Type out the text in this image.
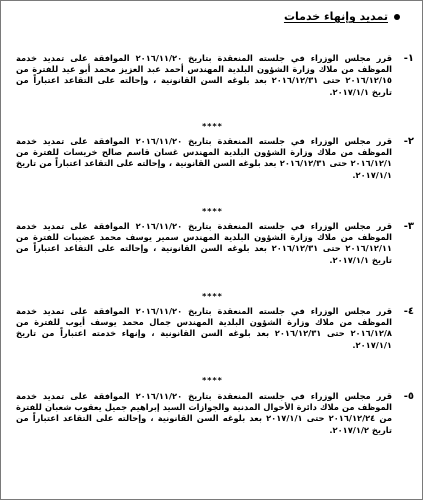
تمديد وإنهاء خدمات
١-
قرر مجلس الوزراء في جلسته المنعقدة بتاريخ ٢٠١٦/١١/٢٠ الموافقة على تمديد خدمة الموظف من ملاك وزارة الشؤون البلدية المهندس أحمد عبد العزيز محمد أبو عيد للفترة من ٢٠١٦/١٢/١٥ حتى ٢٠١٦/١٢/٣١ بعد بلوغه السن القانونية ، وإحالته على التقاعد اعتباراً من تاريخ ٢٠١٧/١/١.
****
٢-
قرر مجلس الوزراء في جلسته المنعقدة بتاريخ ٢٠١٦/١١/٢٠ الموافقة على تمديد خدمة الموظف من ملاك وزارة الشؤون البلدية المهندس غسان قاسم صالح خريسات للفترة من ٢٠١٦/١٢/١ حتى ٢٠١٦/١٢/٣١ بعد بلوغه السن القانونية ، وإحالته على التقاعد اعتباراً من تاريخ ٢٠١٧/١/١.
****
٣-
قرر مجلس الوزراء في جلسته المنعقدة بتاريخ ٢٠١٦/١١/٢٠ الموافقة على تمديد خدمة الموظف من ملاك وزارة الشؤون البلدية المهندس سمير يوسف محمد عضيبات للفترة من ٢٠١٦/١٢/١١ حتى ٢٠١٦/١٢/٣١ بعد بلوغه السن القانونية ، وإحالته على التقاعد اعتباراً من تاريخ ٢٠١٧/١/١.
****
٤-
قرر مجلس الوزراء في جلسته المنعقدة بتاريخ ٢٠١٦/١١/٢٠ الموافقة على تمديد خدمة الموظف من ملاك وزارة الشؤون البلدية المهندس جمال محمد يوسف أيوب للفترة من ٢٠١٦/١٢/٨ حتى ٢٠١٦/١٢/٣١ بعد بلوغه السن القانونية ، وإنهاء خدمته اعتباراً من تاريخ ٢٠١٧/١/١.
****
٥-
قرر مجلس الوزراء في جلسته المنعقدة بتاريخ ٢٠١٦/١١/٢٠ الموافقة على تمديد خدمة الموظف من ملاك دائرة الأحوال المدنية والجوازات السيد إبراهيم جميل يعقوب شعبان للفترة من ٢٠١٦/١٢/٢٤ حتى ٢٠١٧/١/١ بعد بلوغه السن القانونية ، وإحالته على التقاعد اعتباراً من تاريخ ٢٠١٧/١/٢.
